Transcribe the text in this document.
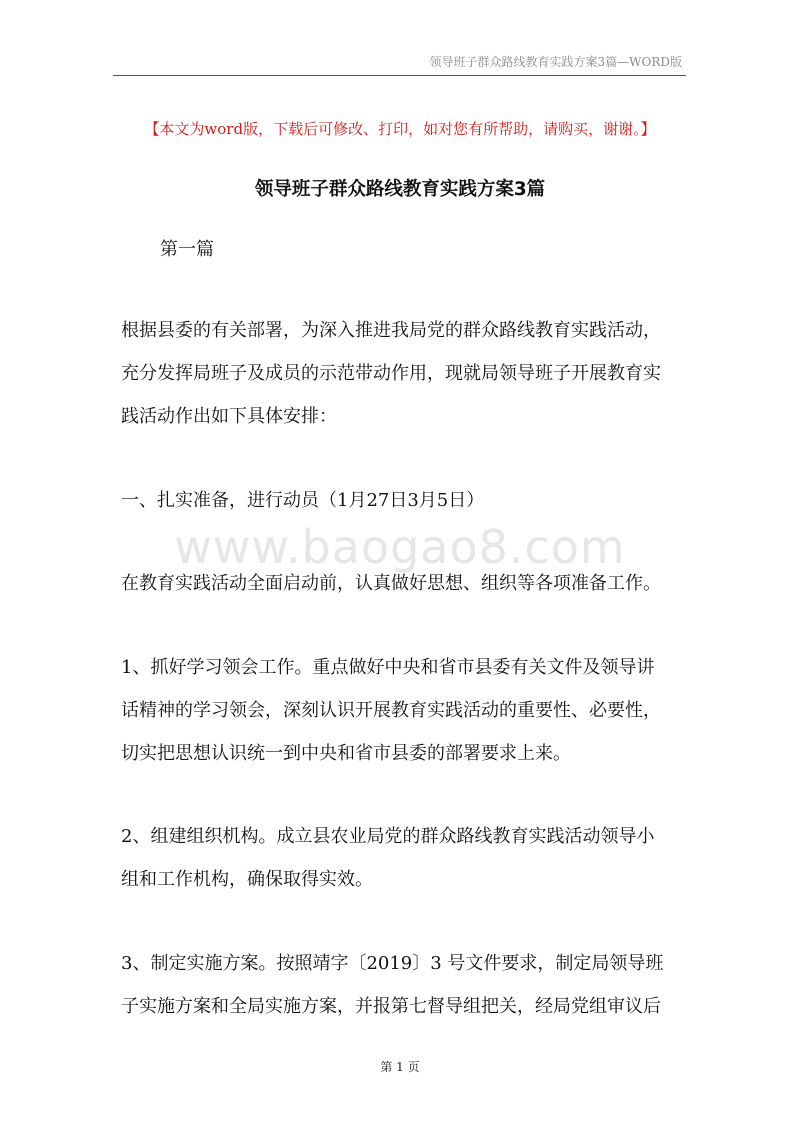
领导班子群众路线教育实践方案3篇—WORD版
【本文为word版，下载后可修改、打印，如对您有所帮助，请购买，谢谢。】
领导班子群众路线教育实践方案3篇

第一篇

根据县委的有关部署，为深入推进我局党的群众路线教育实践活动，
充分发挥局班子及成员的示范带动作用，现就局领导班子开展教育实
践活动作出如下具体安排：

一、扎实准备，进行动员（1月27日3月5日）

www.baogao8.com

在教育实践活动全面启动前，认真做好思想、组织等各项准备工作。

1、抓好学习领会工作。重点做好中央和省市县委有关文件及领导讲
话精神的学习领会，深刻认识开展教育实践活动的重要性、必要性，
切实把思想认识统一到中央和省市县委的部署要求上来。

2、组建组织机构。成立县农业局党的群众路线教育实践活动领导小
组和工作机构，确保取得实效。

3、制定实施方案。按照靖字〔2019〕3 号文件要求，制定局领导班
子实施方案和全局实施方案，并报第七督导组把关，经局党组审议后

第 1 页
